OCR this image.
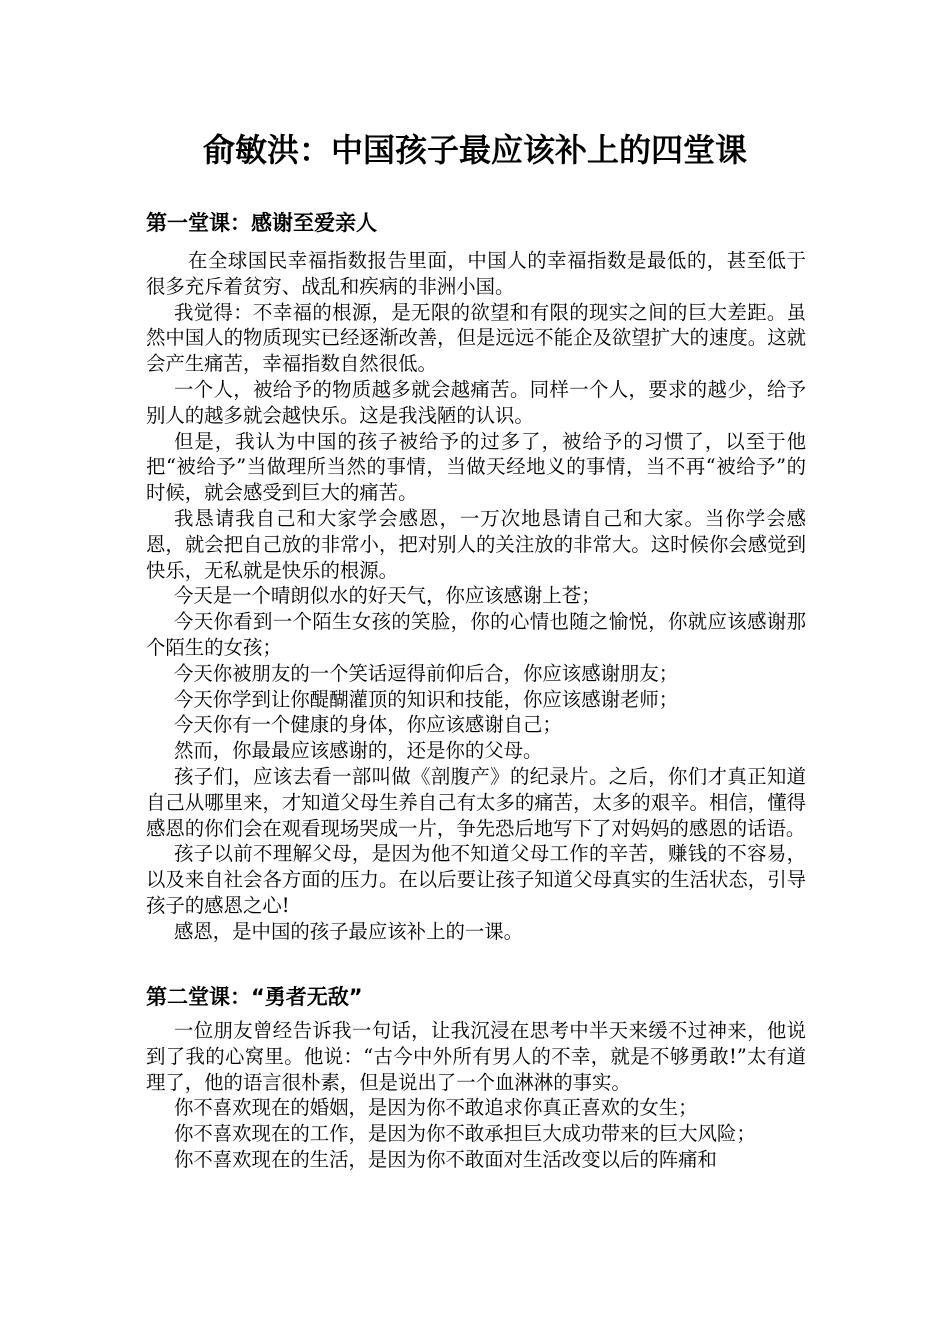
俞敏洪：中国孩子最应该补上的四堂课
第一堂课：感谢至爱亲人

在全球国民幸福指数报告里面，中国人的幸福指数是最低的，甚至低于很多充斥着贫穷、战乱和疾病的非洲小国。

我觉得：不幸福的根源，是无限的欲望和有限的现实之间的巨大差距。虽然中国人的物质现实已经逐渐改善，但是远远不能企及欲望扩大的速度。这就会产生痛苦，幸福指数自然很低。

一个人，被给予的物质越多就会越痛苦。同样一个人，要求的越少，给予别人的越多就会越快乐。这是我浅陋的认识。

但是，我认为中国的孩子被给予的过多了，被给予的习惯了，以至于他把“被给予”当做理所当然的事情，当做天经地义的事情，当不再“被给予”的时候，就会感受到巨大的痛苦。

我恳请我自己和大家学会感恩，一万次地恳请自己和大家。当你学会感恩，就会把自己放的非常小，把对别人的关注放的非常大。这时候你会感觉到快乐，无私就是快乐的根源。

今天是一个晴朗似水的好天气，你应该感谢上苍；

今天你看到一个陌生女孩的笑脸，你的心情也随之愉悦，你就应该感谢那个陌生的女孩；

今天你被朋友的一个笑话逗得前仰后合，你应该感谢朋友；

今天你学到让你醍醐灌顶的知识和技能，你应该感谢老师；

今天你有一个健康的身体，你应该感谢自己；

然而，你最最应该感谢的，还是你的父母。

孩子们，应该去看一部叫做《剖腹产》的纪录片。之后，你们才真正知道自己从哪里来，才知道父母生养自己有太多的痛苦，太多的艰辛。相信，懂得感恩的你们会在观看现场哭成一片，争先恐后地写下了对妈妈的感恩的话语。

孩子以前不理解父母，是因为他不知道父母工作的辛苦，赚钱的不容易，以及来自社会各方面的压力。在以后要让孩子知道父母真实的生活状态，引导孩子的感恩之心!

感恩，是中国的孩子最应该补上的一课。

第二堂课：“勇者无敌”

一位朋友曾经告诉我一句话，让我沉浸在思考中半天来缓不过神来，他说到了我的心窝里。他说：“古今中外所有男人的不幸，就是不够勇敢!”太有道理了，他的语言很朴素，但是说出了一个血淋淋的事实。

你不喜欢现在的婚姻，是因为你不敢追求你真正喜欢的女生；

你不喜欢现在的工作，是因为你不敢承担巨大成功带来的巨大风险；

你不喜欢现在的生活，是因为你不敢面对生活改变以后的阵痛和
